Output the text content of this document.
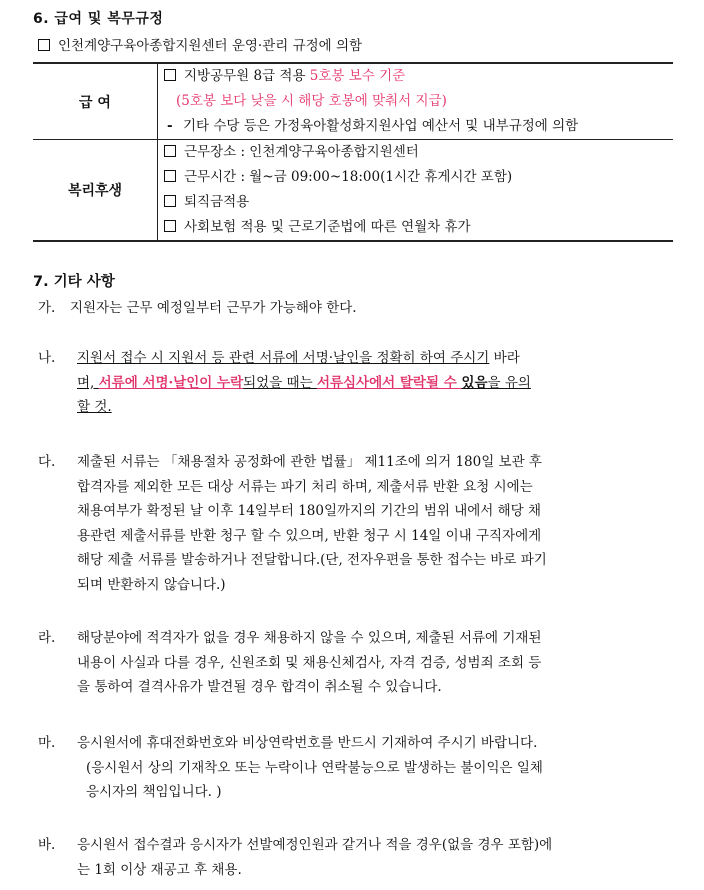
6. 급여 및 복무규정
인천계양구육아종합지원센터 운영·관리 규정에 의함
급 여	지방공무원 8급 적용 5호봉 보수 기준
(5호봉 보다 낮을 시 해당 호봉에 맞춰서 지급)
- 기타 수당 등은 가정육아활성화지원사업 예산서 및 내부규정에 의함

복리후생	근무장소 : 인천계양구육아종합지원센터
근무시간 : 월~금 09:00~18:00(1시간 휴게시간 포함)
퇴직금적용
사회보험 적용 및 근로기준법에 따른 연월차 휴가
7. 기타 사항
가. 지원자는 근무 예정일부터 근무가 가능해야 한다.
나. 지원서 접수 시 지원서 등 관련 서류에 서명·날인을 정확히 하여 주시기 바라
며, 서류에 서명·날인이 누락되었을 때는 서류심사에서 탈락될 수 있음을 유의
할 것.
다. 제출된 서류는 「채용절차 공정화에 관한 법률」 제11조에 의거 180일 보관 후
합격자를 제외한 모든 대상 서류는 파기 처리 하며, 제출서류 반환 요청 시에는
채용여부가 확정된 날 이후 14일부터 180일까지의 기간의 범위 내에서 해당 채
용관련 제출서류를 반환 청구 할 수 있으며, 반환 청구 시 14일 이내 구직자에게
해당 제출 서류를 발송하거나 전달합니다.(단, 전자우편을 통한 접수는 바로 파기
되며 반환하지 않습니다.)
라. 해당분야에 적격자가 없을 경우 채용하지 않을 수 있으며, 제출된 서류에 기재된
내용이 사실과 다를 경우, 신원조회 및 채용신체검사, 자격 검증, 성범죄 조회 등
을 통하여 결격사유가 발견될 경우 합격이 취소될 수 있습니다.
마. 응시원서에 휴대전화번호와 비상연락번호를 반드시 기재하여 주시기 바랍니다.
(응시원서 상의 기재착오 또는 누락이나 연락불능으로 발생하는 불이익은 일체
응시자의 책임입니다. )
바. 응시원서 접수결과 응시자가 선발예정인원과 같거나 적을 경우(없을 경우 포함)에
는 1회 이상 재공고 후 채용.
